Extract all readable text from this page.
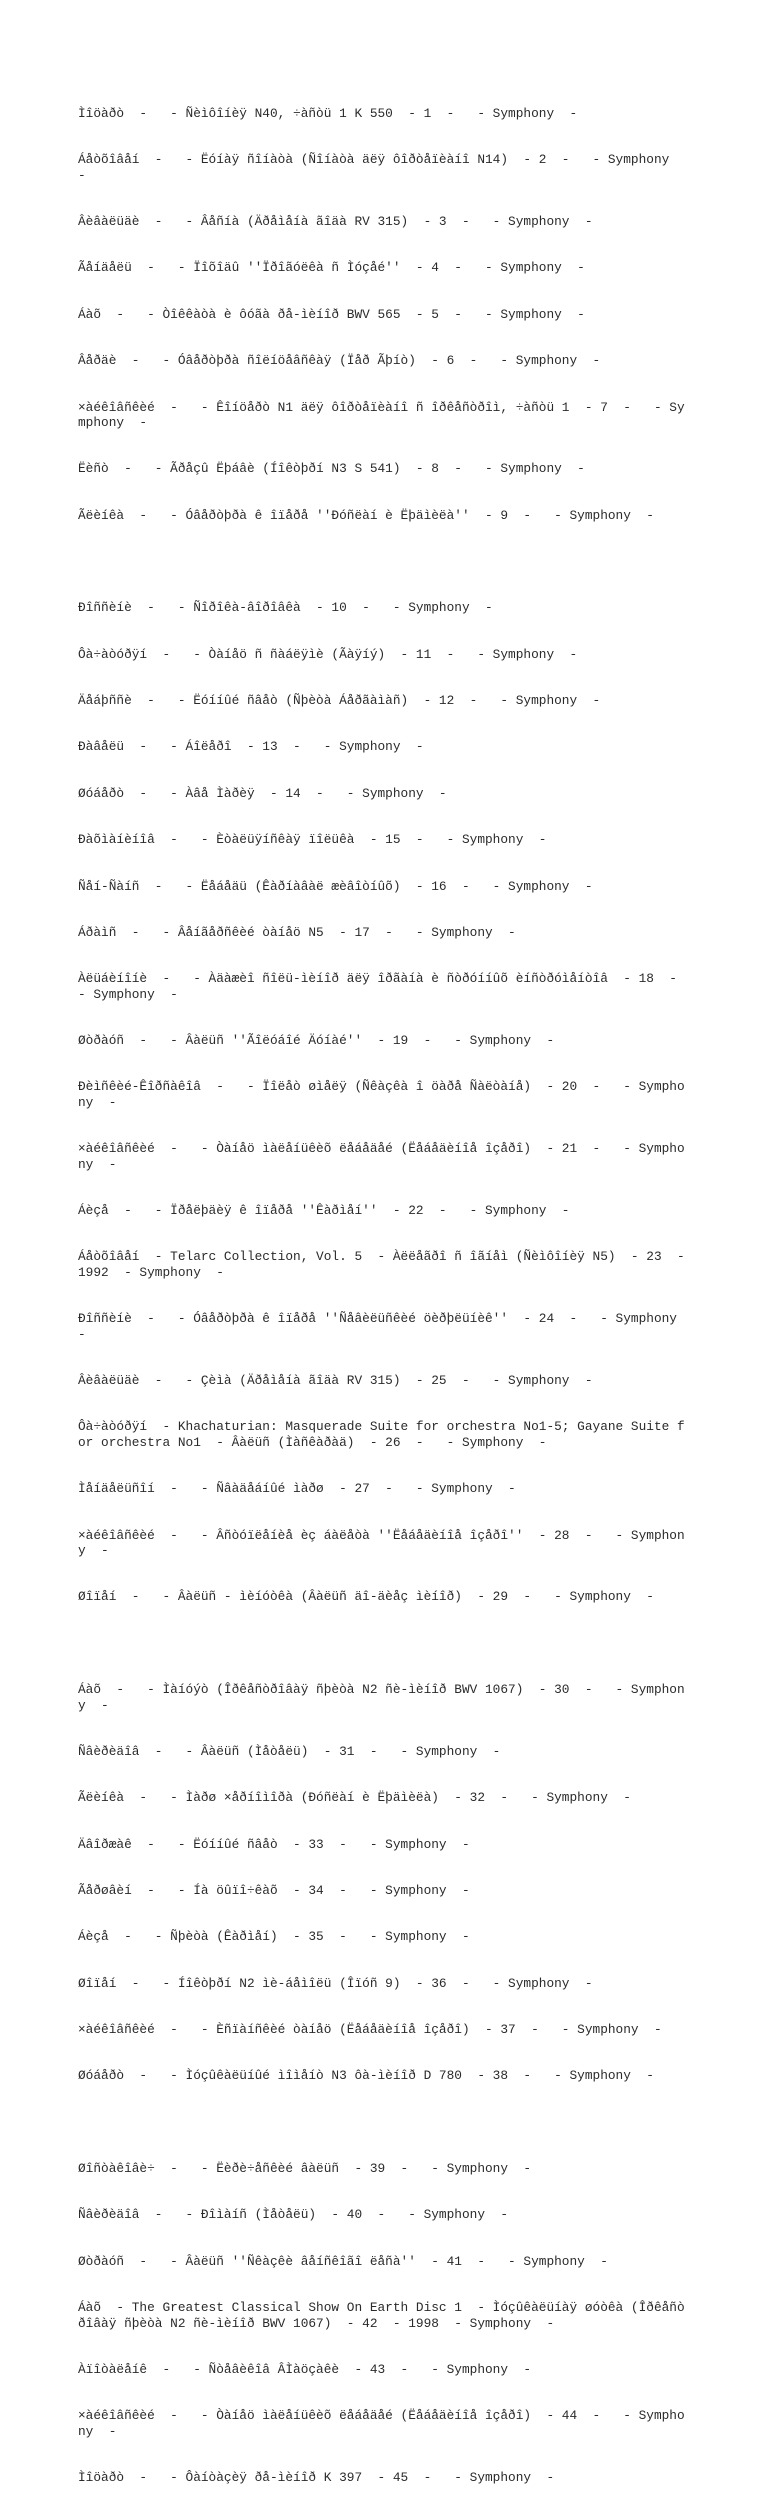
Ìîöàðò  -   - Ñèìôîíèÿ N40, ÷àñòü 1 K 550  - 1  -   - Symphony  -

Áåòõîâåí  -   - Ëóíàÿ ñîíàòà (Ñîíàòà äëÿ ôîðòåïèàíî N14)  - 2  -   - Symphony  -

Âèâàëüäè  -   - Âåñíà (Äðåìåíà ãîäà RV 315)  - 3  -   - Symphony  -

Ãåíäåëü  -   - Ïîõîäû ''Ïðîãóëêà ñ Ìóçåé''  - 4  -   - Symphony  -

Áàõ  -   - Òîêêàòà è ôóãà ðå-ìèíîð BWV 565  - 5  -   - Symphony  -

Âåðäè  -   - Óâåðòþðà ñîëíöåâñêàÿ (Ïåð Ãþíò)  - 6  -   - Symphony  -

×àéêîâñêèé  -   - Êîíöåðò N1 äëÿ ôîðòåïèàíî ñ îðêåñòðîì, ÷àñòü 1  - 7  -   - Symphony  -

Ëèñò  -   - Ãðåçû Ëþáâè (Íîêòþðí N3 S 541)  - 8  -   - Symphony  -

Ãëèíêà  -   - Óâåðòþðà ê îïåðå ''Ðóñëàí è Ëþäìèëà''  - 9  -   - Symphony  -

Ðîññèíè  -   - Ñîðîêà-âîðîâêà  - 10  -   - Symphony  -

Ôà÷àòóðÿí  -   - Òàíåö ñ ñàáëÿìè (Ãàÿíý)  - 11  -   - Symphony  -

Äåáþññè  -   - Ëóííûé ñâåò (Ñþèòà Áåðãàìàñ)  - 12  -   - Symphony  -

Ðàâåëü  -   - Áîëåðî  - 13  -   - Symphony  -

Øóáåðò  -   - Àâå Ìàðèÿ  - 14  -   - Symphony  -

Ðàõìàíèíîâ  -   - Èòàëüÿíñêàÿ ïîëüêà  - 15  -   - Symphony  -

Ñåí-Ñàíñ  -   - Ëåáåäü (Êàðíàâàë æèâîòíûõ)  - 16  -   - Symphony  -

Áðàìñ  -   - Âåíãåðñêèé òàíåö N5  - 17  -   - Symphony  -

Àëüáèíîíè  -   - Àäàæèî ñîëü-ìèíîð äëÿ îðãàíà è ñòðóííûõ èíñòðóìåíòîâ  - 18  -   - Symphony  -

Øòðàóñ  -   - Âàëüñ ''Ãîëóáîé Äóíàé''  - 19  -   - Symphony  -

Ðèìñêèé-Êîðñàêîâ  -   - Ïîëåò øìåëÿ (Ñêàçêà î öàðå Ñàëòàíå)  - 20  -   - Symphony  -

×àéêîâñêèé  -   - Òàíåö ìàëåíüêèõ ëåáåäåé (Ëåáåäèíîå îçåðî)  - 21  -   - Symphony  -

Áèçå  -   - Ïðåëþäèÿ ê îïåðå ''Êàðìåí''  - 22  -   - Symphony  -

Áåòõîâåí  - Telarc Collection, Vol. 5  - Àëëåãðî ñ îãíåì (Ñèìôîíèÿ N5)  - 23  - 1992  - Symphony  -

Ðîññèíè  -   - Óâåðòþðà ê îïåðå ''Ñåâèëüñêèé öèðþëüíèê''  - 24  -   - Symphony  -

Âèâàëüäè  -   - Çèìà (Äðåìåíà ãîäà RV 315)  - 25  -   - Symphony  -

Ôà÷àòóðÿí  - Khachaturian: Masquerade Suite for orchestra No1-5; Gayane Suite for orchestra No1  - Âàëüñ (Ìàñêàðàä)  - 26  -   - Symphony  -

Ìåíäåëüñîí  -   - Ñâàäåáíûé ìàðø  - 27  -   - Symphony  -

×àéêîâñêèé  -   - Âñòóïëåíèå èç áàëåòà ''Ëåáåäèíîå îçåðî''  - 28  -   - Symphony  -

Øîïåí  -   - Âàëüñ - ìèíóòêà (Âàëüñ äî-äèåç ìèíîð)  - 29  -   - Symphony  -

Áàõ  -   - Ìàíóýò (Îðêåñòðîâàÿ ñþèòà N2 ñè-ìèíîð BWV 1067)  - 30  -   - Symphony  -

Ñâèðèäîâ  -   - Âàëüñ (Ìåòåëü)  - 31  -   - Symphony  -

Ãëèíêà  -   - Ìàðø ×åðíîìîðà (Ðóñëàí è Ëþäìèëà)  - 32  -   - Symphony  -

Äâîðæàê  -   - Ëóííûé ñâåò  - 33  -   - Symphony  -

Ãåðøâèí  -   - Íà öûïî÷êàõ  - 34  -   - Symphony  -

Áèçå  -   - Ñþèòà (Êàðìåí)  - 35  -   - Symphony  -

Øîïåí  -   - Íîêòþðí N2 ìè-áåìîëü (Îïóñ 9)  - 36  -   - Symphony  -

×àéêîâñêèé  -   - Èñïàíñêèé òàíåö (Ëåáåäèíîå îçåðî)  - 37  -   - Symphony  -

Øóáåðò  -   - Ìóçûêàëüíûé ìîìåíò N3 ôà-ìèíîð D 780  - 38  -   - Symphony  -

Øîñòàêîâè÷  -   - Ëèðè÷åñêèé âàëüñ  - 39  -   - Symphony  -

Ñâèðèäîâ  -   - Ðîìàíñ (Ìåòåëü)  - 40  -   - Symphony  -

Øòðàóñ  -   - Âàëüñ ''Ñêàçêè âåíñêîãî ëåñà''  - 41  -   - Symphony  -

Áàõ  - The Greatest Classical Show On Earth Disc 1  - Ìóçûêàëüíàÿ øóòêà (Îðêåñòðîâàÿ ñþèòà N2 ñè-ìèíîð BWV 1067)  - 42  - 1998  - Symphony  -

Àïîòàëåíê  -   - Ñòåâèêîâ ÂÌàöçàêè  - 43  -   - Symphony  -

×àéêîâñêèé  -   - Òàíåö ìàëåíüêèõ ëåáåäåé (Ëåáåäèíîå îçåðî)  - 44  -   - Symphony  -

Ìîöàðò  -   - Ôàíòàçèÿ ðå-ìèíîð K 397  - 45  -   - Symphony  -
